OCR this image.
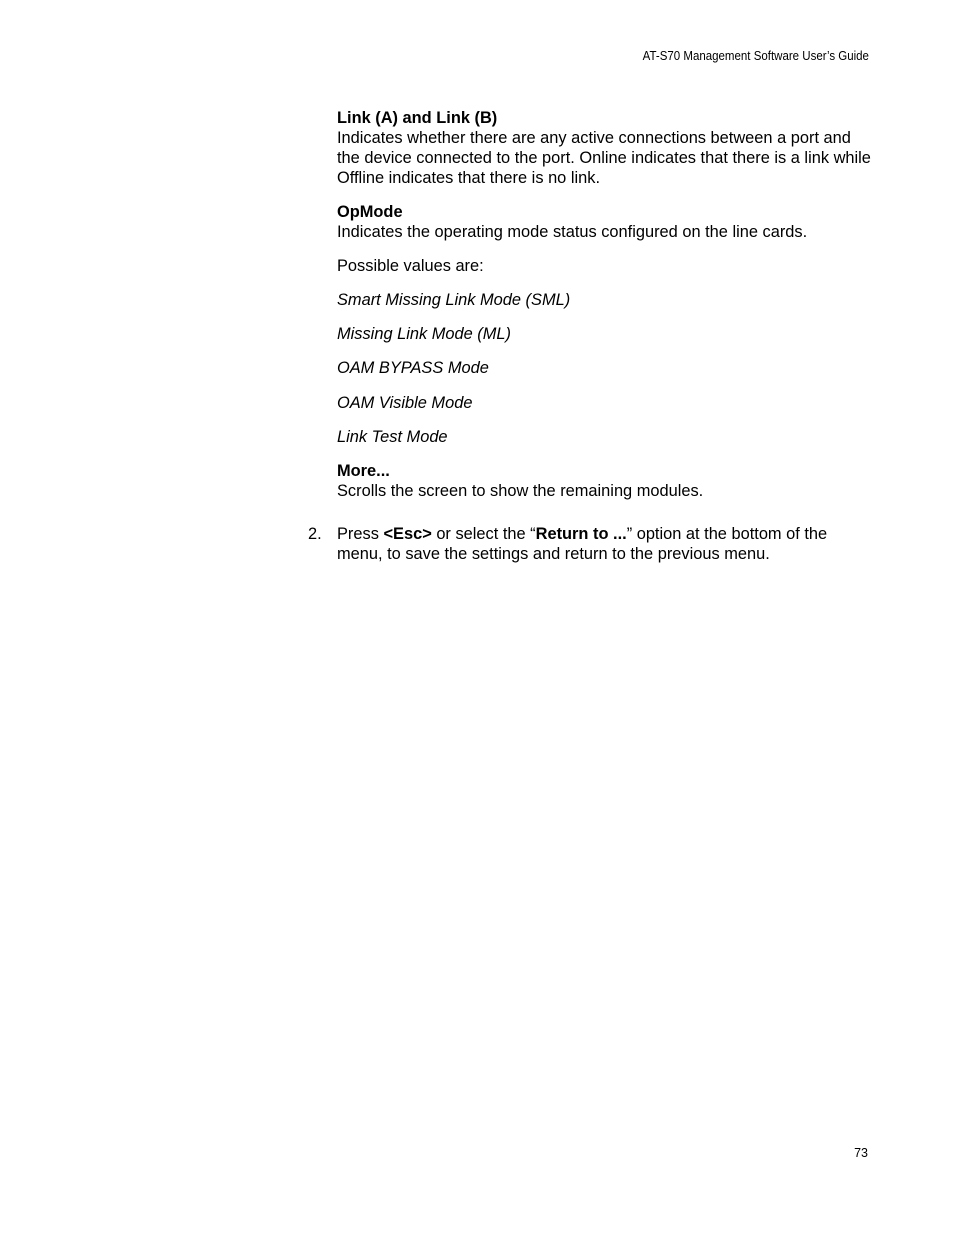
AT-S70 Management Software User’s Guide
Link (A) and Link (B)
Indicates whether there are any active connections between a port and the device connected to the port. Online indicates that there is a link while Offline indicates that there is no link.
OpMode
Indicates the operating mode status configured on the line cards.
Possible values are:
Smart Missing Link Mode (SML)
Missing Link Mode (ML)
OAM BYPASS Mode
OAM Visible Mode
Link Test Mode
More...
Scrolls the screen to show the remaining modules.
2. Press <Esc> or select the “Return to ...” option at the bottom of the menu, to save the settings and return to the previous menu.
73
